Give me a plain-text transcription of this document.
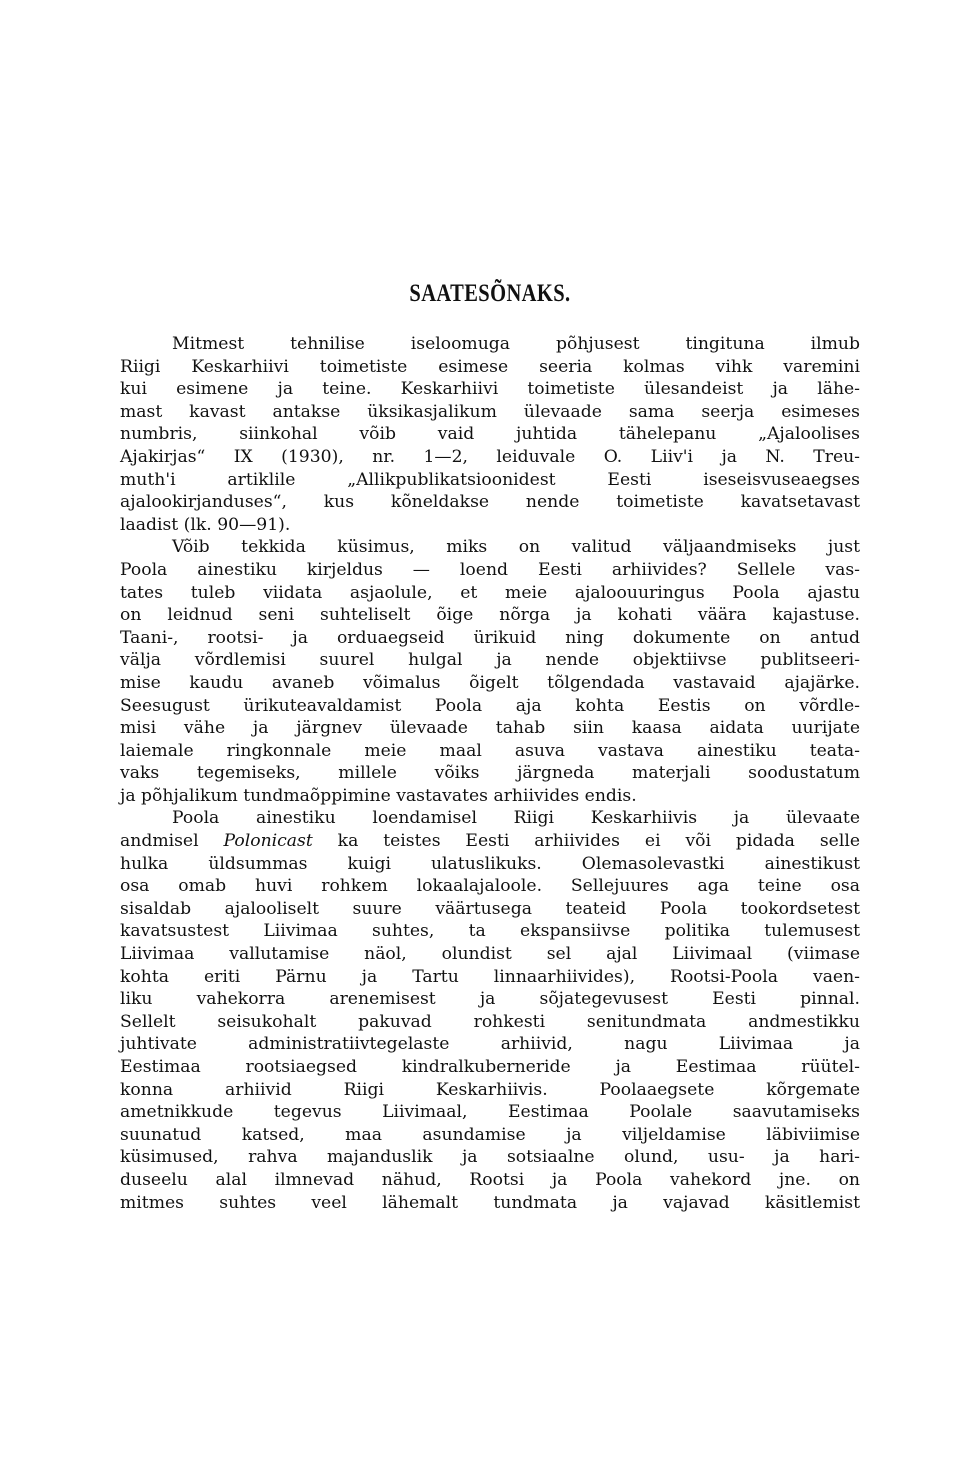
SAATESÕNAKS.
Mitmest tehnilise iseloomuga põhjusest tingituna ilmub
Riigi Keskarhiivi toimetiste esimese seeria kolmas vihk varemini
kui esimene ja teine. Keskarhiivi toimetiste ülesandeist ja lähe-
mast kavast antakse üksikasjalikum ülevaade sama seerja esimeses
numbris, siinkohal võib vaid juhtida tähelepanu „Ajaloolises
Ajakirjas“ IX (1930), nr. 1—2, leiduvale O. Liiv'i ja N. Treu-
muth'i artiklile „Allikpublikatsioonidest Eesti iseseisvuseaegses
ajalookirjanduses“, kus kõneldakse nende toimetiste kavatsetavast
laadist (lk. 90—91).
Võib tekkida küsimus, miks on valitud väljaandmiseks just
Poola ainestiku kirjeldus — loend Eesti arhiivides? Sellele vas-
tates tuleb viidata asjaolule, et meie ajaloouuringus Poola ajastu
on leidnud seni suhteliselt õige nõrga ja kohati väära kajastuse.
Taani-, rootsi- ja orduaegseid ürikuid ning dokumente on antud
välja võrdlemisi suurel hulgal ja nende objektiivse publitseeri-
mise kaudu avaneb võimalus õigelt tõlgendada vastavaid ajajärke.
Seesugust ürikuteavaldamist Poola aja kohta Eestis on võrdle-
misi vähe ja järgnev ülevaade tahab siin kaasa aidata uurijate
laiemale ringkonnale meie maal asuva vastava ainestiku teata-
vaks tegemiseks, millele võiks järgneda materjali soodustatum
ja põhjalikum tundmaõppimine vastavates arhiivides endis.
Poola ainestiku loendamisel Riigi Keskarhiivis ja ülevaate
andmisel Polonicast ka teistes Eesti arhiivides ei või pidada selle
hulka üldsummas kuigi ulatuslikuks. Olemasolevastki ainestikust
osa omab huvi rohkem lokaalajaloole. Sellejuures aga teine osa
sisaldab ajalooliselt suure väärtusega teateid Poola tookordsetest
kavatsustest Liivimaa suhtes, ta ekspansiivse politika tulemusest
Liivimaa vallutamise näol, olundist sel ajal Liivimaal (viimase
kohta eriti Pärnu ja Tartu linnaarhiivides), Rootsi-Poola vaen-
liku vahekorra arenemisest ja sõjategevusest Eesti pinnal.
Sellelt seisukohalt pakuvad rohkesti senitundmata andmestikku
juhtivate administratiivtegelaste arhiivid, nagu Liivimaa ja
Eestimaa rootsiaegsed kindralkuberneride ja Eestimaa rüütel-
konna arhiivid Riigi Keskarhiivis. Poolaaegsete kõrgemate
ametnikkude tegevus Liivimaal, Eestimaa Poolale saavutamiseks
suunatud katsed, maa asundamise ja viljeldamise läbiviimise
küsimused, rahva majanduslik ja sotsiaalne olund, usu- ja hari-
duseelu alal ilmnevad nähud, Rootsi ja Poola vahekord jne. on
mitmes suhtes veel lähemalt tundmata ja vajavad käsitlemist
